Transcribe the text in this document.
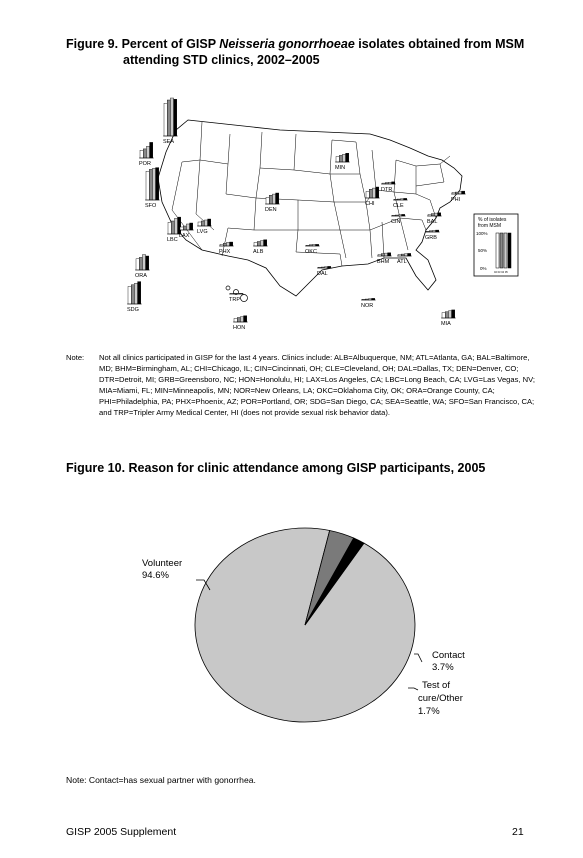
Figure 9. Percent of GISP Neisseria gonorrhoeae isolates obtained from MSM
attending STD clinics, 2002–2005
SEA
POR
SFO
LBC
LAX
ORA
SDG
LVG
PHX	ALB
DEN
MIN
CHI
DTR
CLE
CIN
PHI
BAL
GRB
OKC
DAL
BHM ATL
NOR
MIA
TRP
HON
% of isolates
from MSM
100%
50%
0%
02 03 04 05
Note: Not all clinics participated in GISP for the last 4 years. Clinics include: ALB=Albuquerque, NM; ATL=Atlanta, GA; BAL=Baltimore, MD; BHM=Birmingham, AL; CHI=Chicago, IL; CIN=Cincinnati, OH; CLE=Cleveland, OH; DAL=Dallas, TX; DEN=Denver, CO; DTR=Detroit, MI; GRB=Greensboro, NC; HON=Honolulu, HI; LAX=Los Angeles, CA; LBC=Long Beach, CA; LVG=Las Vegas, NV; MIA=Miami, FL; MIN=Minneapolis, MN; NOR=New Orleans, LA; OKC=Oklahoma City, OK; ORA=Orange County, CA; PHI=Philadelphia, PA; PHX=Phoenix, AZ; POR=Portland, OR; SDG=San Diego, CA; SEA=Seattle, WA; SFO=San Francisco, CA; and TRP=Tripler Army Medical Center, HI (does not provide sexual risk behavior data).
Figure 10. Reason for clinic attendance among GISP participants, 2005
Volunteer
94.6%
Contact
3.7%
Test of
cure/Other
1.7%
Note: Contact=has sexual partner with gonorrhea.
GISP 2005 Supplement	21
